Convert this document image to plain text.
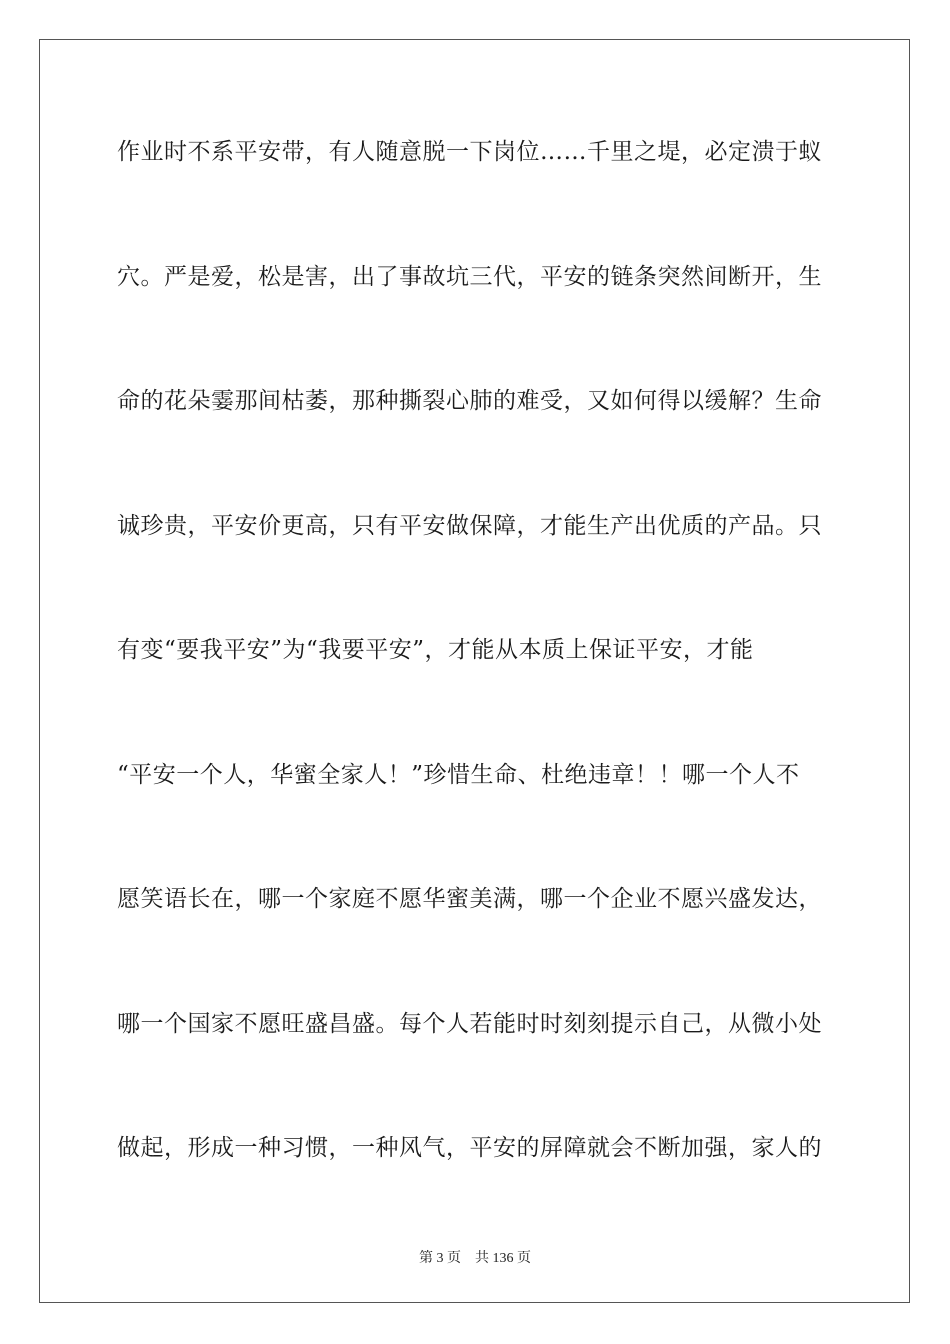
作业时不系平安带，有人随意脱一下岗位……千里之堤，必定溃于蚁
穴。严是爱，松是害，出了事故坑三代，平安的链条突然间断开，生
命的花朵霎那间枯萎，那种撕裂心肺的难受，又如何得以缓解？生命
诚珍贵，平安价更高，只有平安做保障，才能生产出优质的产品。只
有变“要我平安”为“我要平安”，才能从本质上保证平安，才能
“平安一个人，华蜜全家人！”珍惜生命、杜绝违章！！哪一个人不
愿笑语长在，哪一个家庭不愿华蜜美满，哪一个企业不愿兴盛发达，
哪一个国家不愿旺盛昌盛。每个人若能时时刻刻提示自己，从微小处
做起，形成一种习惯，一种风气，平安的屏障就会不断加强，家人的
第 3 页 共 136 页
